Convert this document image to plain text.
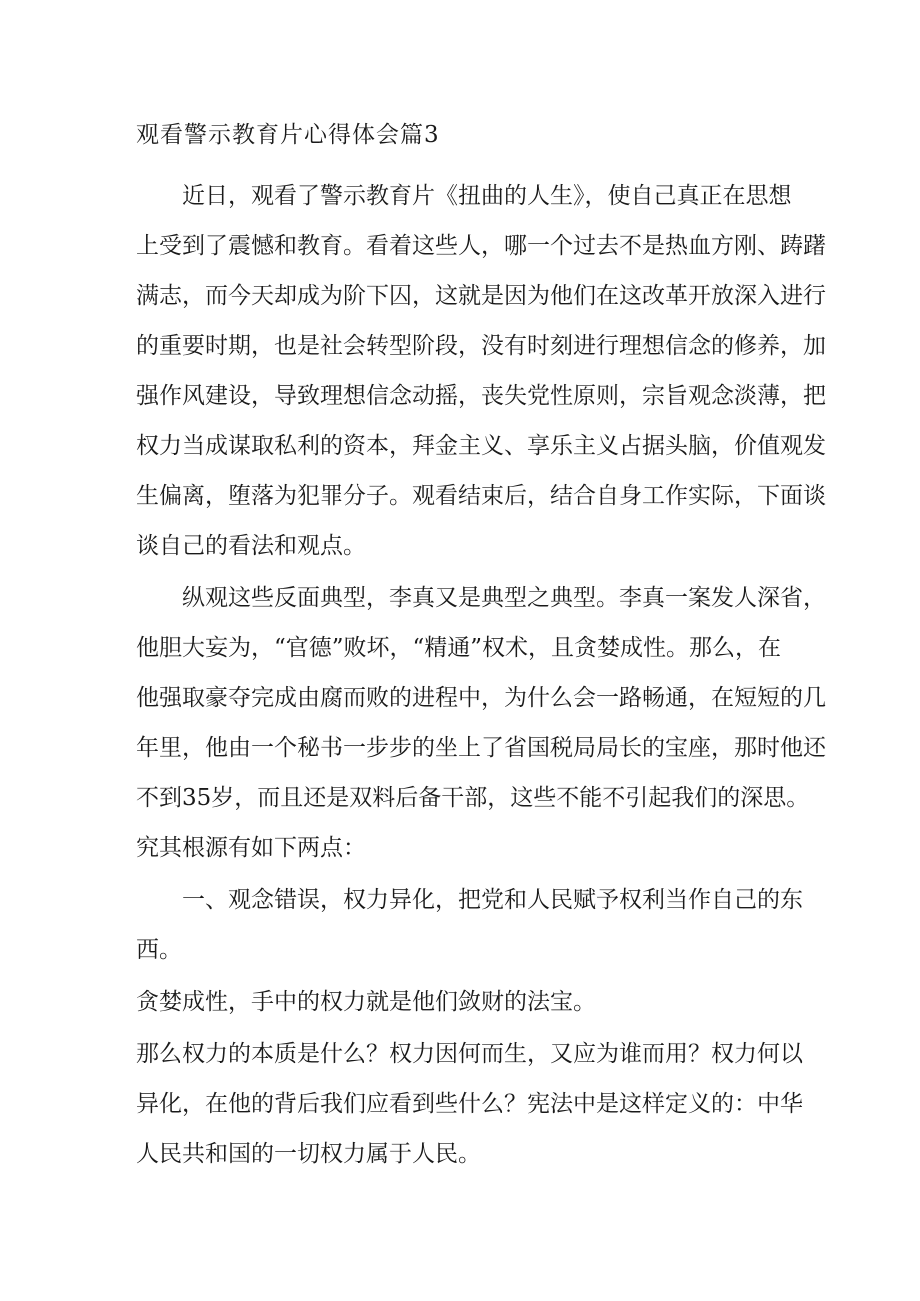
观看警示教育片心得体会篇3
近日，观看了警示教育片《扭曲的人生》，使自己真正在思想
上受到了震憾和教育。看着这些人，哪一个过去不是热血方刚、踌躇
满志，而今天却成为阶下囚，这就是因为他们在这改革开放深入进行
的重要时期，也是社会转型阶段，没有时刻进行理想信念的修养，加
强作风建设，导致理想信念动摇，丧失党性原则，宗旨观念淡薄，把
权力当成谋取私利的资本，拜金主义、享乐主义占据头脑，价值观发
生偏离，堕落为犯罪分子。观看结束后，结合自身工作实际，下面谈
谈自己的看法和观点。
纵观这些反面典型，李真又是典型之典型。李真一案发人深省，
他胆大妄为，“官德”败坏，“精通”权术，且贪婪成性。那么，在
他强取豪夺完成由腐而败的进程中，为什么会一路畅通，在短短的几
年里，他由一个秘书一步步的坐上了省国税局局长的宝座，那时他还
不到35岁，而且还是双料后备干部，这些不能不引起我们的深思。
究其根源有如下两点：
一、观念错误，权力异化，把党和人民赋予权利当作自己的东
西。
贪婪成性，手中的权力就是他们敛财的法宝。
那么权力的本质是什么？权力因何而生，又应为谁而用？权力何以
异化，在他的背后我们应看到些什么？宪法中是这样定义的：中华
人民共和国的一切权力属于人民。
